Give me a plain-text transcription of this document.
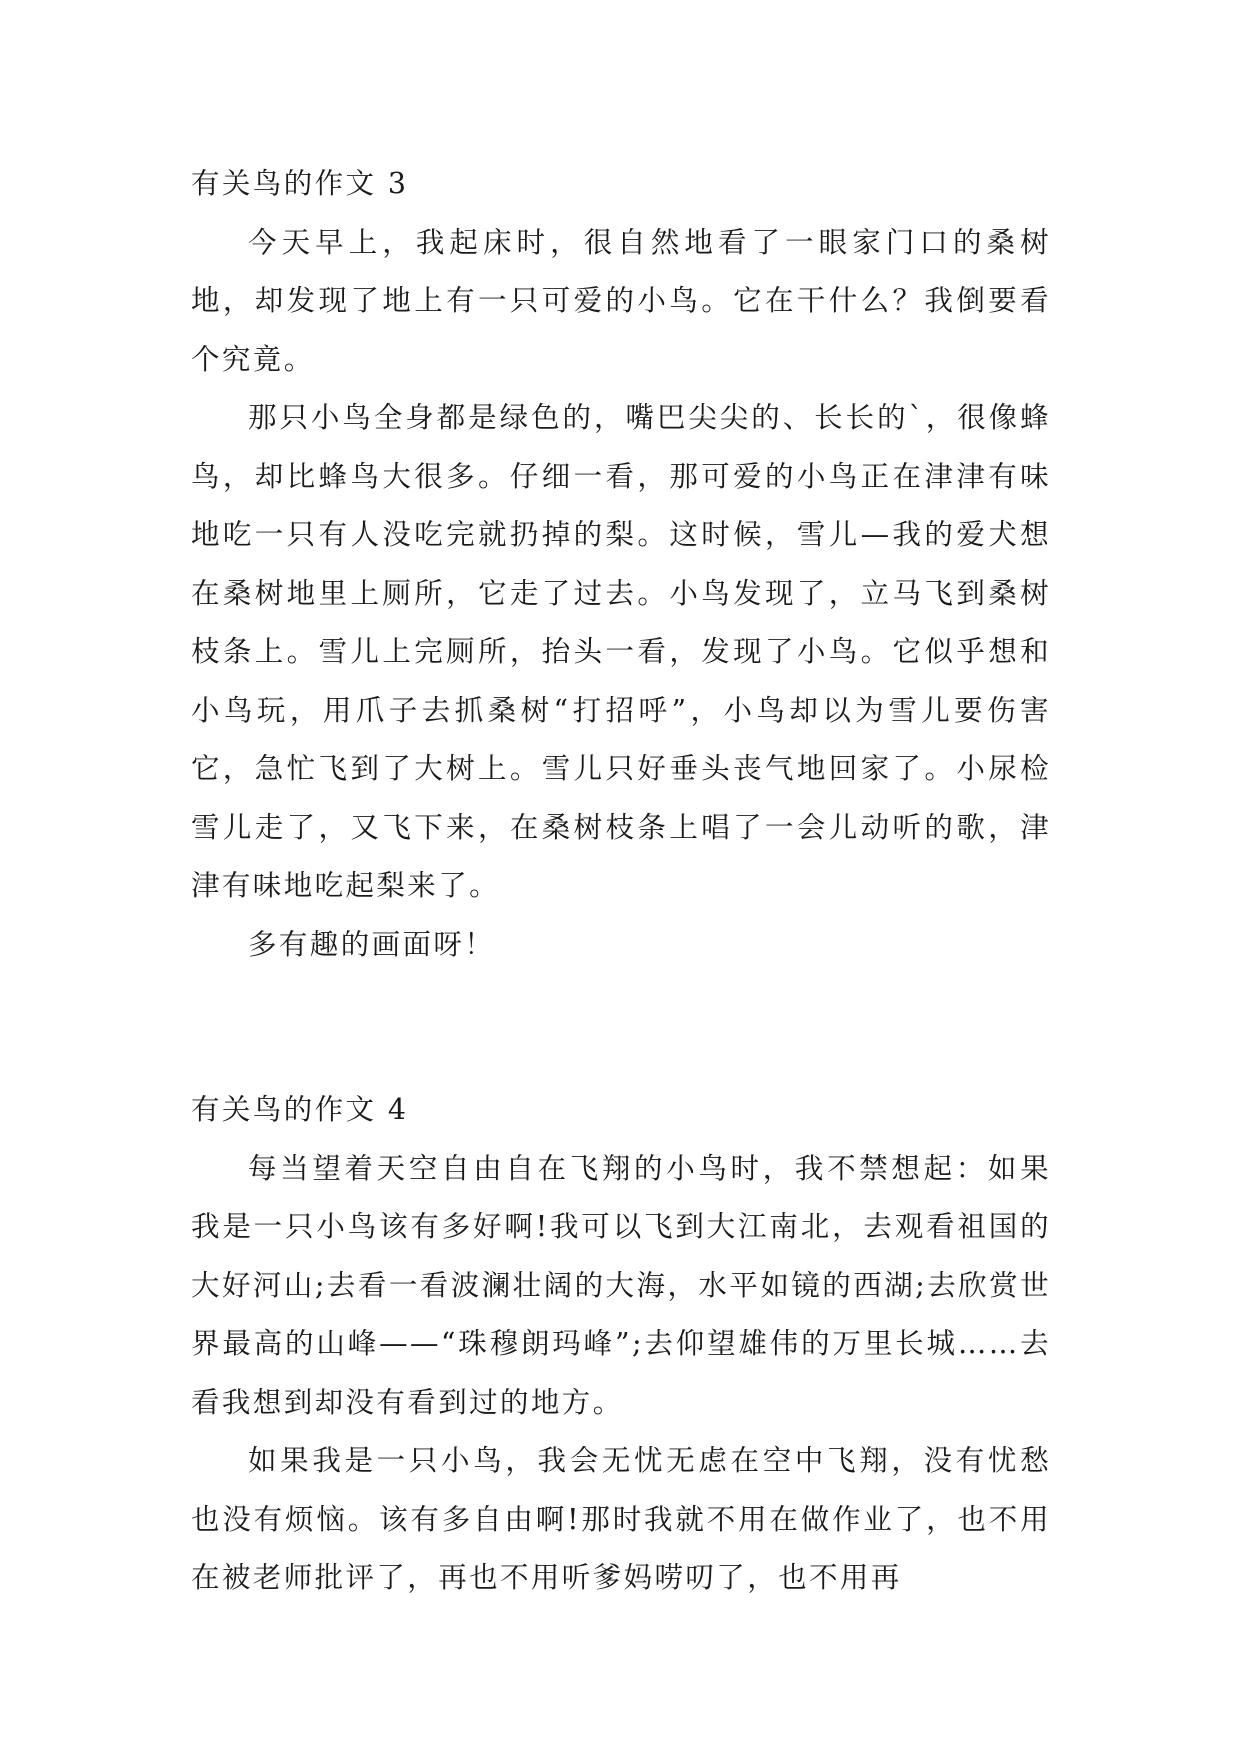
有关鸟的作文 3

今天早上，我起床时，很自然地看了一眼家门口的桑树地，却发现了地上有一只可爱的小鸟。它在干什么？我倒要看个究竟。

那只小鸟全身都是绿色的，嘴巴尖尖的、长长的`，很像蜂鸟，却比蜂鸟大很多。仔细一看，那可爱的小鸟正在津津有味地吃一只有人没吃完就扔掉的梨。这时候，雪儿—我的爱犬想在桑树地里上厕所，它走了过去。小鸟发现了，立马飞到桑树枝条上。雪儿上完厕所，抬头一看，发现了小鸟。它似乎想和小鸟玩，用爪子去抓桑树“打招呼”，小鸟却以为雪儿要伤害它，急忙飞到了大树上。雪儿只好垂头丧气地回家了。小尿检雪儿走了，又飞下来，在桑树枝条上唱了一会儿动听的歌，津津有味地吃起梨来了。

多有趣的画面呀！

有关鸟的作文 4

每当望着天空自由自在飞翔的小鸟时，我不禁想起：如果我是一只小鸟该有多好啊!我可以飞到大江南北，去观看祖国的大好河山;去看一看波澜壮阔的大海，水平如镜的西湖;去欣赏世界最高的山峰——“珠穆朗玛峰”;去仰望雄伟的万里长城……去看我想到却没有看到过的地方。

如果我是一只小鸟，我会无忧无虑在空中飞翔，没有忧愁也没有烦恼。该有多自由啊!那时我就不用在做作业了，也不用在被老师批评了，再也不用听爹妈唠叨了，也不用再
